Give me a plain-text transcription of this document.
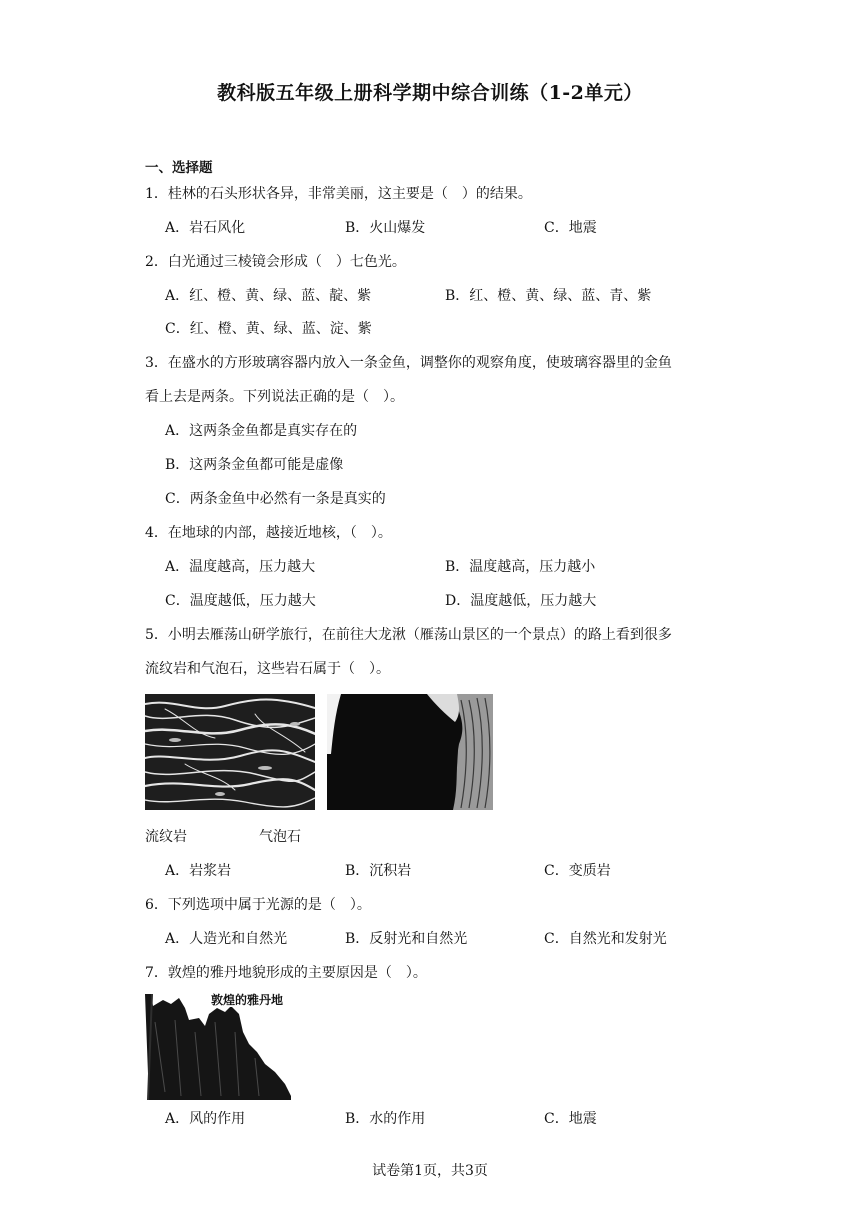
教科版五年级上册科学期中综合训练（1-2单元）
一、选择题
1．桂林的石头形状各异，非常美丽，这主要是（　）的结果。
A．岩石风化	B．火山爆发	C．地震
2．白光通过三棱镜会形成（　）七色光。
A．红、橙、黄、绿、蓝、靛、紫	B．红、橙、黄、绿、蓝、青、紫
C．红、橙、黄、绿、蓝、淀、紫
3．在盛水的方形玻璃容器内放入一条金鱼，调整你的观察角度，使玻璃容器里的金鱼
看上去是两条。下列说法正确的是（　）。
A．这两条金鱼都是真实存在的
B．这两条金鱼都可能是虚像
C．两条金鱼中必然有一条是真实的
4．在地球的内部，越接近地核，（　）。
A．温度越高，压力越大	B．温度越高，压力越小
C．温度越低，压力越大	D．温度越低，压力越大
5．小明去雁荡山研学旅行，在前往大龙湫（雁荡山景区的一个景点）的路上看到很多
流纹岩和气泡石，这些岩石属于（　）。
流纹岩	气泡石
A．岩浆岩	B．沉积岩	C．变质岩
6．下列选项中属于光源的是（　）。
A．人造光和自然光	B．反射光和自然光	C．自然光和发射光
7．敦煌的雅丹地貌形成的主要原因是（　）。
敦煌的雅丹地
A．风的作用	B．水的作用	C．地震
试卷第1页，共3页
